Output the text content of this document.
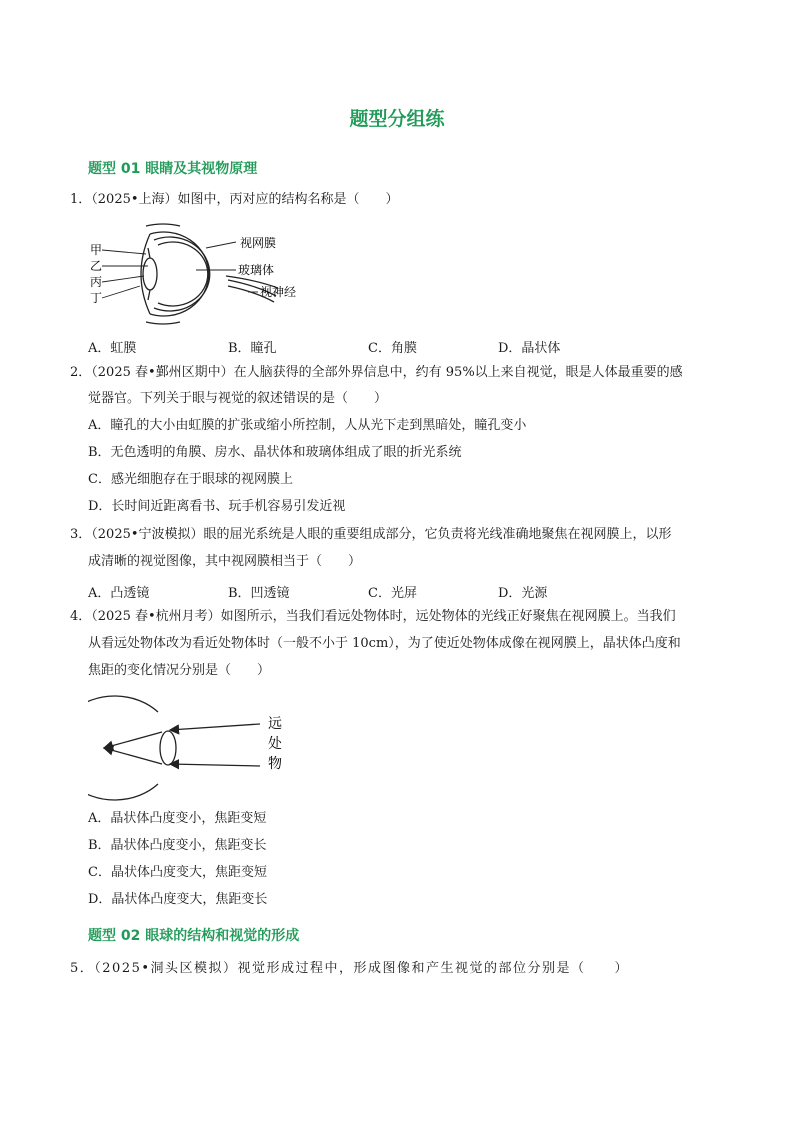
题型分组练
题型 01 眼睛及其视物原理
1．（2025•上海）如图中，丙对应的结构名称是（　　）
甲
乙
丙
丁
视网膜
玻璃体
视神经
A．虹膜	B．瞳孔	C．角膜	D．晶状体
2．（2025 春•鄞州区期中）在人脑获得的全部外界信息中，约有 95%以上来自视觉，眼是人体最重要的感
觉器官。下列关于眼与视觉的叙述错误的是（　　）
A．瞳孔的大小由虹膜的扩张或缩小所控制，人从光下走到黑暗处，瞳孔变小
B．无色透明的角膜、房水、晶状体和玻璃体组成了眼的折光系统
C．感光细胞存在于眼球的视网膜上
D．长时间近距离看书、玩手机容易引发近视
3．（2025•宁波模拟）眼的屈光系统是人眼的重要组成部分，它负责将光线准确地聚焦在视网膜上，以形
成清晰的视觉图像，其中视网膜相当于（　　）
A．凸透镜	B．凹透镜	C．光屏	D．光源
4．（2025 春•杭州月考）如图所示，当我们看远处物体时，远处物体的光线正好聚焦在视网膜上。当我们
从看远处物体改为看近处物体时（一般不小于 10cm），为了使近处物体成像在视网膜上，晶状体凸度和
焦距的变化情况分别是（　　）
远
处
物
A．晶状体凸度变小，焦距变短
B．晶状体凸度变小，焦距变长
C．晶状体凸度变大，焦距变短
D．晶状体凸度变大，焦距变长
题型 02 眼球的结构和视觉的形成
5．（2025•洞头区模拟）视觉形成过程中，形成图像和产生视觉的部位分别是（　　）
